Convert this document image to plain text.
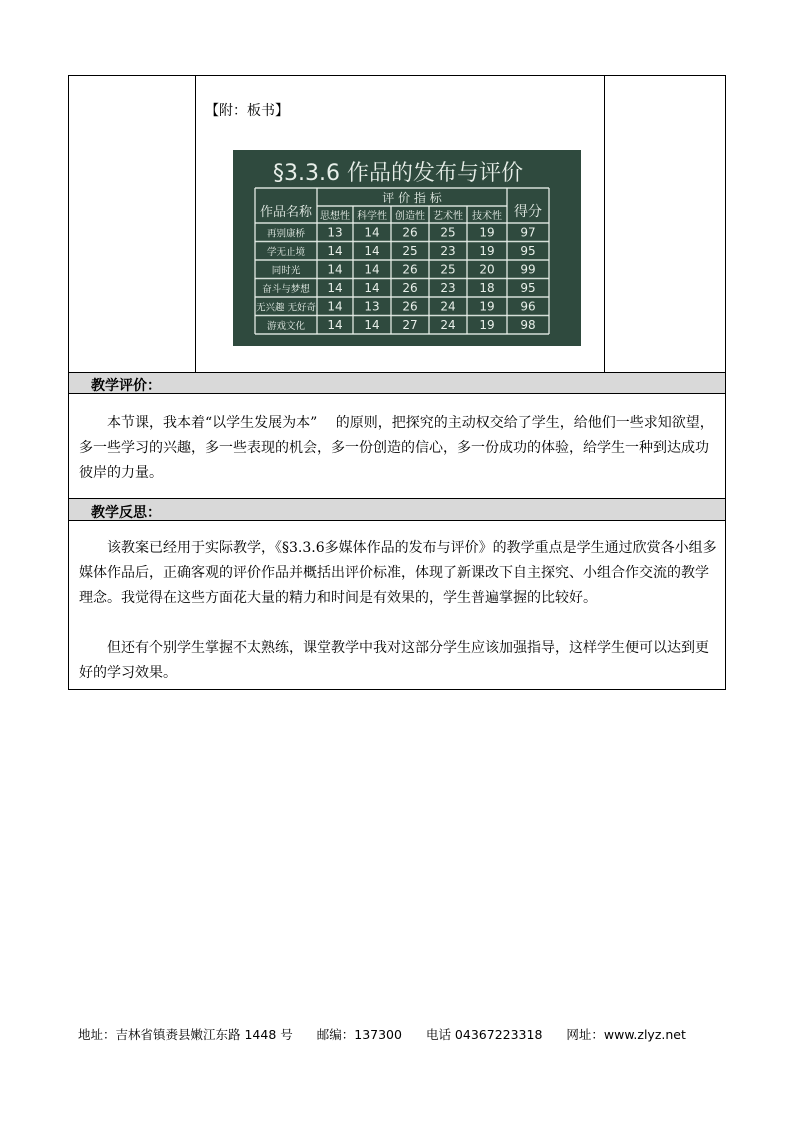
【附：板书】
§3.3.6 作品的发布与评价
作品名称
评 价 指 标
得分
思想性 科学性 创造性 艺术性 技术性
再别康桥 13 14 26 25 19 97
学无止境 14 14 25 23 19 95
同时光 14 14 26 25 20 99
奋斗与梦想 14 14 26 23 18 95
无兴趣 无好奇 14 13 26 24 19 96
游戏文化 14 14 27 24 19 98
教学评价：

本节课，我本着“以学生发展为本”　 的原则，把探究的主动权交给了学生，给他们一些求知欲望，多一些学习的兴趣，多一些表现的机会，多一份创造的信心，多一份成功的体验，给学生一种到达成功彼岸的力量。

教学反思：

该教案已经用于实际教学，《§3.3.6多媒体作品的发布与评价》的教学重点是学生通过欣赏各小组多媒体作品后，正确客观的评价作品并概括出评价标准，体现了新课改下自主探究、小组合作交流的教学理念。我觉得在这些方面花大量的精力和时间是有效果的，学生普遍掌握的比较好。

但还有个别学生掌握不太熟练，课堂教学中我对这部分学生应该加强指导，这样学生便可以达到更好的学习效果。

地址：吉林省镇赉县嫩江东路 1448 号 邮编：137300 电话 04367223318 网址：www.zlyz.net
